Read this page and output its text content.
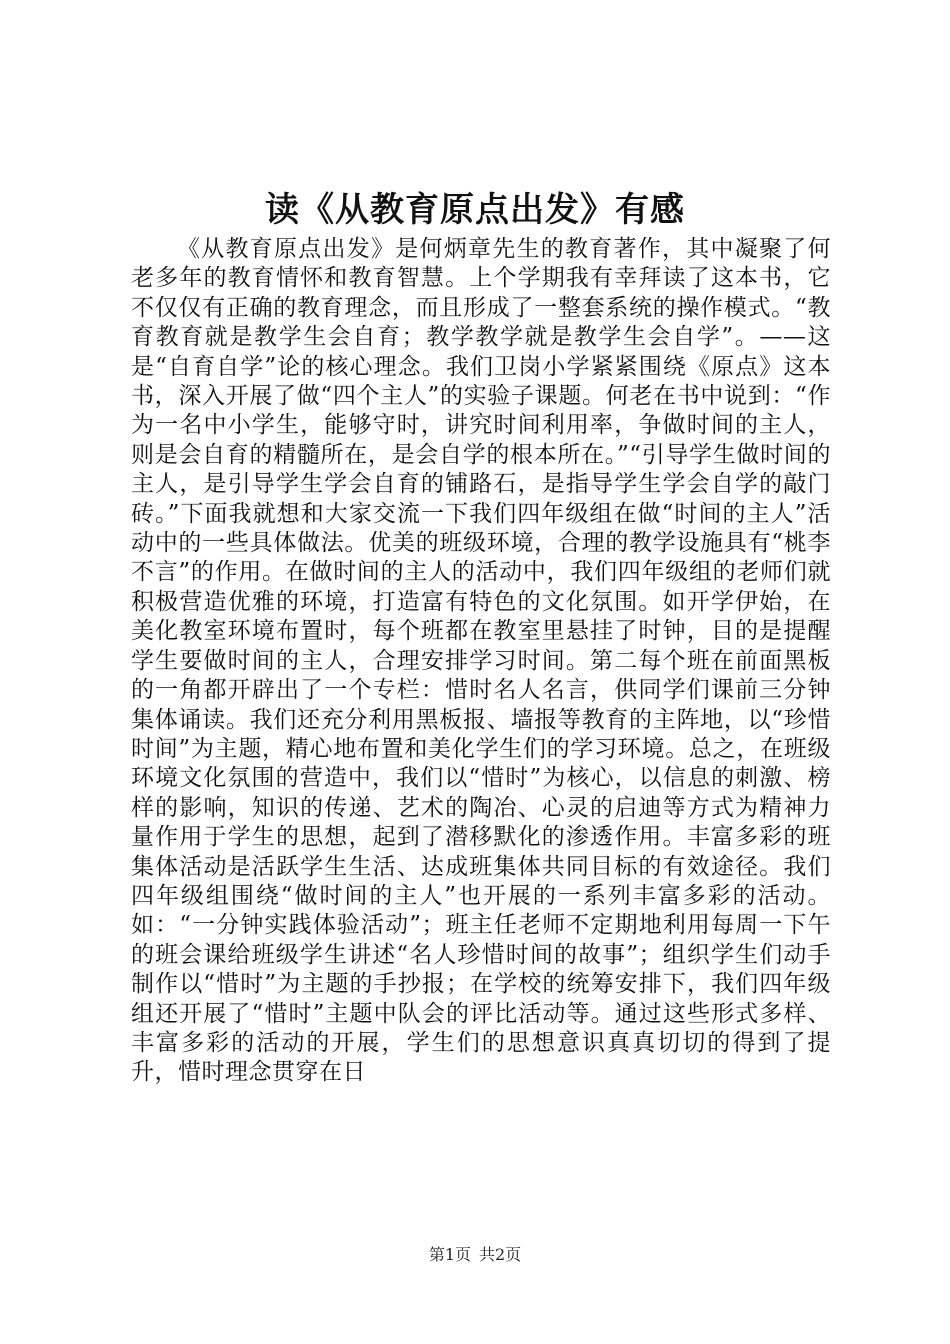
读《从教育原点出发》有感

《从教育原点出发》是何炳章先生的教育著作，其中凝聚了何老多年的教育情怀和教育智慧。上个学期我有幸拜读了这本书，它不仅仅有正确的教育理念，而且形成了一整套系统的操作模式。“教育教育就是教学生会自育；教学教学就是教学生会自学”。——这是“自育自学”论的核心理念。我们卫岗小学紧紧围绕《原点》这本书，深入开展了做“四个主人”的实验子课题。何老在书中说到：“作为一名中小学生，能够守时，讲究时间利用率，争做时间的主人，则是会自育的精髓所在，是会自学的根本所在。”“引导学生做时间的主人，是引导学生学会自育的铺路石，是指导学生学会自学的敲门砖。”下面我就想和大家交流一下我们四年级组在做“时间的主人”活动中的一些具体做法。优美的班级环境，合理的教学设施具有“桃李不言”的作用。在做时间的主人的活动中，我们四年级组的老师们就积极营造优雅的环境，打造富有特色的文化氛围。如开学伊始，在美化教室环境布置时，每个班都在教室里悬挂了时钟，目的是提醒学生要做时间的主人，合理安排学习时间。第二每个班在前面黑板的一角都开辟出了一个专栏：惜时名人名言，供同学们课前三分钟集体诵读。我们还充分利用黑板报、墙报等教育的主阵地，以“珍惜时间”为主题，精心地布置和美化学生们的学习环境。总之，在班级环境文化氛围的营造中，我们以“惜时”为核心，以信息的刺激、榜样的影响，知识的传递、艺术的陶冶、心灵的启迪等方式为精神力量作用于学生的思想，起到了潜移默化的渗透作用。丰富多彩的班集体活动是活跃学生生活、达成班集体共同目标的有效途径。我们四年级组围绕“做时间的主人”也开展的一系列丰富多彩的活动。如：“一分钟实践体验活动”；班主任老师不定期地利用每周一下午的班会课给班级学生讲述“名人珍惜时间的故事”；组织学生们动手制作以“惜时”为主题的手抄报；在学校的统筹安排下，我们四年级组还开展了“惜时”主题中队会的评比活动等。通过这些形式多样、丰富多彩的活动的开展，学生们的思想意识真真切切的得到了提升，惜时理念贯穿在日

第1页 共2页
